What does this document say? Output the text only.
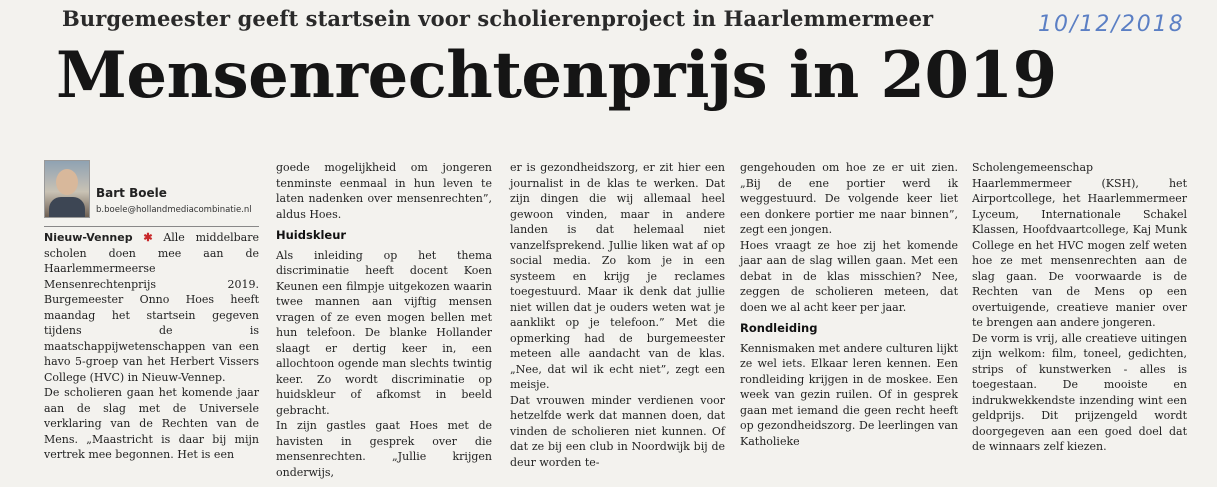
Burgemeester geeft startsein voor scholierenproject in Haarlemmermeer	10/12/2018
Mensenrechtenprijs in 2019
Bart Boele
b.boele@hollandmediacombinatie.nl

Nieuw-Vennep ✱ Alle middelbare scholen doen mee aan de Haarlemmermeerse Mensenrechtenprijs 2019. Burgemeester Onno Hoes heeft maandag het startsein gegeven tijdens de is maatschappijwetenschappen van een havo 5-groep van het Herbert Vissers College (HVC) in Nieuw-Vennep.

De scholieren gaan het komende jaar aan de slag met de Universele verklaring van de Rechten van de Mens. „Maastricht is daar bij mijn vertrek mee begonnen. Het is een

goede mogelijkheid om jongeren tenminste eenmaal in hun leven te laten nadenken over mensenrechten”, aldus Hoes.

Huidskleur

Als inleiding op het thema discriminatie heeft docent Koen Keunen een filmpje uitgekozen waarin twee mannen aan vijftig mensen vragen of ze even mogen bellen met hun telefoon. De blanke Hollander slaagt er dertig keer in, een allochtoon ogende man slechts twintig keer. Zo wordt discriminatie op huidskleur of afkomst in beeld gebracht.

In zijn gastles gaat Hoes met de havisten in gesprek over die mensenrechten. „Jullie krijgen onderwijs,

er is gezondheidszorg, er zit hier een journalist in de klas te werken. Dat zijn dingen die wij allemaal heel gewoon vinden, maar in andere landen is dat helemaal niet vanzelfsprekend. Jullie liken wat af op social media. Zo kom je in een systeem en krijg je reclames toegestuurd. Maar ik denk dat jullie niet willen dat je ouders weten wat je aanklikt op je telefoon.” Met die opmerking had de burgemeester meteen alle aandacht van de klas. „Nee, dat wil ik echt niet”, zegt een meisje.

Dat vrouwen minder verdienen voor hetzelfde werk dat mannen doen, dat vinden de scholieren niet kunnen. Of dat ze bij een club in Noordwijk bij de deur worden te-

gengehouden om hoe ze er uit zien. „Bij de ene portier werd ik weggestuurd. De volgende keer liet een donkere portier me naar binnen”, zegt een jongen.

Hoes vraagt ze hoe zij het komende jaar aan de slag willen gaan. Met een debat in de klas misschien? Nee, zeggen de scholieren meteen, dat doen we al acht keer per jaar.

Rondleiding

Kennismaken met andere culturen lijkt ze wel iets. Elkaar leren kennen. Een rondleiding krijgen in de moskee. Een week van gezin ruilen. Of in gesprek gaan met iemand die geen recht heeft op gezondheidszorg. De leerlingen van Katholieke

Scholengemeenschap Haarlemmermeer (KSH), het Airportcollege, het Haarlemmermeer Lyceum, Internationale Schakel Klassen, Hoofdvaartcollege, Kaj Munk College en het HVC mogen zelf weten hoe ze met mensenrechten aan de slag gaan. De voorwaarde is de Rechten van de Mens op een overtuigende, creatieve manier over te brengen aan andere jongeren.

De vorm is vrij, alle creatieve uitingen zijn welkom: film, toneel, gedichten, strips of kunstwerken - alles is toegestaan. De mooiste en indrukwekkendste inzending wint een geldprijs. Dit prijzengeld wordt doorgegeven aan een goed doel dat de winnaars zelf kiezen.
